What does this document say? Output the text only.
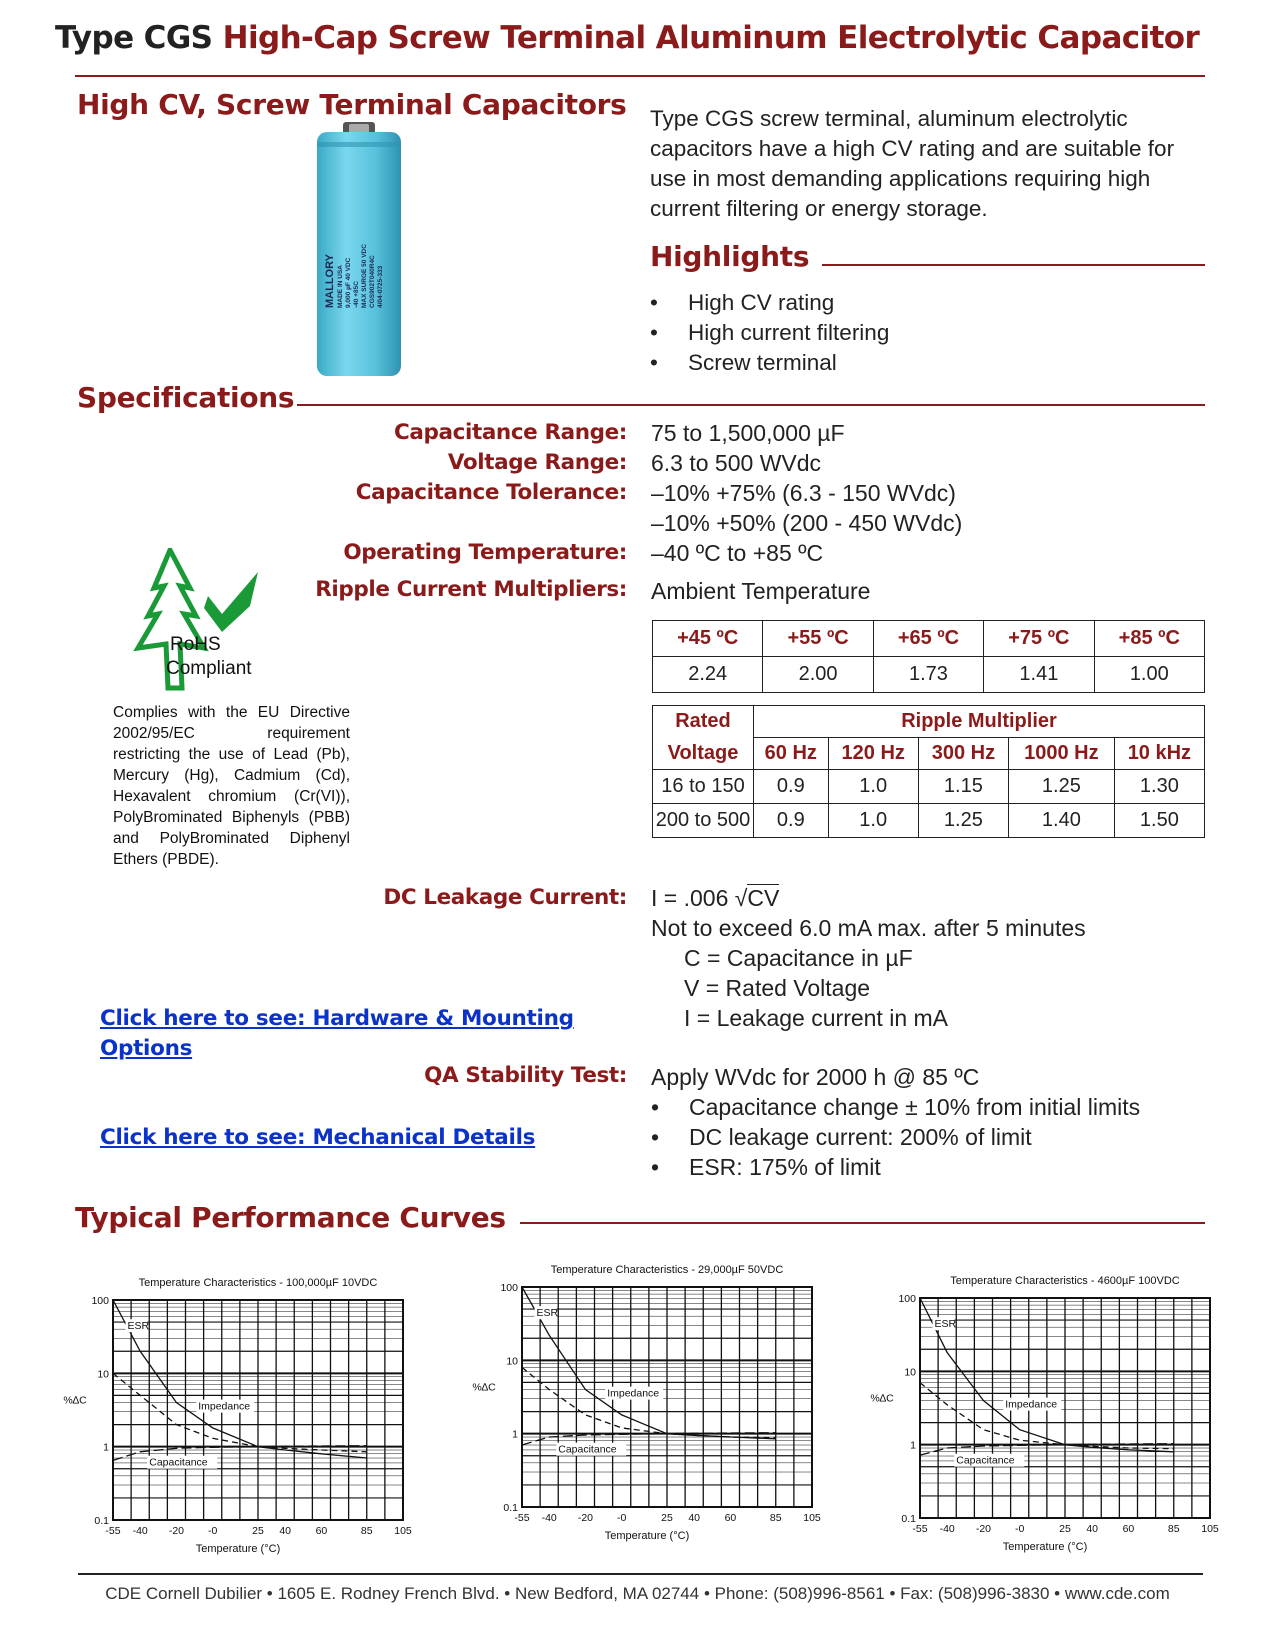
Type CGS High-Cap Screw Terminal Aluminum Electrolytic Capacitor
High CV, Screw Terminal Capacitors
MALLORY MADE IN USA 9,000 µF 40 VDC -40 +85C MAX SURGE 50 VDC CGS902T040R4C 4/04-0725-333
Type CGS screw terminal, aluminum electrolytic capacitors have a high CV rating and are suitable for use in most demanding applications requiring high current filtering or energy storage.
Highlights
• High CV rating
• High current filtering
• Screw terminal
Specifications
Capacitance Range: 75 to 1,500,000 µF
Voltage Range: 6.3 to 500 WVdc
Capacitance Tolerance: –10% +75% (6.3 - 150 WVdc)
–10% +50% (200 - 450 WVdc)
Operating Temperature: –40 ºC to +85 ºC
Ripple Current Multipliers: Ambient Temperature
+45 ºC	+55 ºC	+65 ºC	+75 ºC	+85 ºC
2.24	2.00	1.73	1.41	1.00
Rated	Ripple Multiplier				
Voltage	60 Hz	120 Hz	300 Hz	1000 Hz	10 kHz
16 to 150	0.9	1.0	1.15	1.25	1.30
200 to 500	0.9	1.0	1.25	1.40	1.50
RoHS
Compliant
Complies with the EU Directive 2002/95/EC requirement restricting the use of Lead (Pb), Mercury (Hg), Cadmium (Cd), Hexavalent chromium (Cr(VI)), PolyBrominated Biphenyls (PBB) and PolyBrominated Diphenyl Ethers (PBDE).
DC Leakage Current: I = .006 √CV
Not to exceed 6.0 mA max. after 5 minutes
C = Capacitance in µF
V = Rated Voltage
I = Leakage current in mA
Click here to see: Hardware & Mounting
Options
Click here to see: Mechanical Details
QA Stability Test: Apply WVdc for 2000 h @ 85 ºC
• Capacitance change ± 10% from initial limits
• DC leakage current: 200% of limit
• ESR: 175% of limit
Typical Performance Curves
Temperature Characteristics - 100,000µF 10VDC
100
10
1
0.1
-55 -40 -20 -0	25 40 60	85 105
Temperature (°C)
%∆C
ESR
Impedance
Capacitance
Temperature Characteristics - 29,000µF 50VDC
100
10
1
0.1
-55 -40 -20 -0	25 40 60	85 105
Temperature (°C)
%∆C
ESR
Impedance
Capacitance
Temperature Characteristics - 4600µF 100VDC
100
10
1
0.1
-55 -40 -20 -0	25 40 60	85 105
Temperature (°C)
%∆C
ESR
Impedance
Capacitance
CDE Cornell Dubilier • 1605 E. Rodney French Blvd. • New Bedford, MA 02744 • Phone: (508)996-8561 • Fax: (508)996-3830 • www.cde.com
